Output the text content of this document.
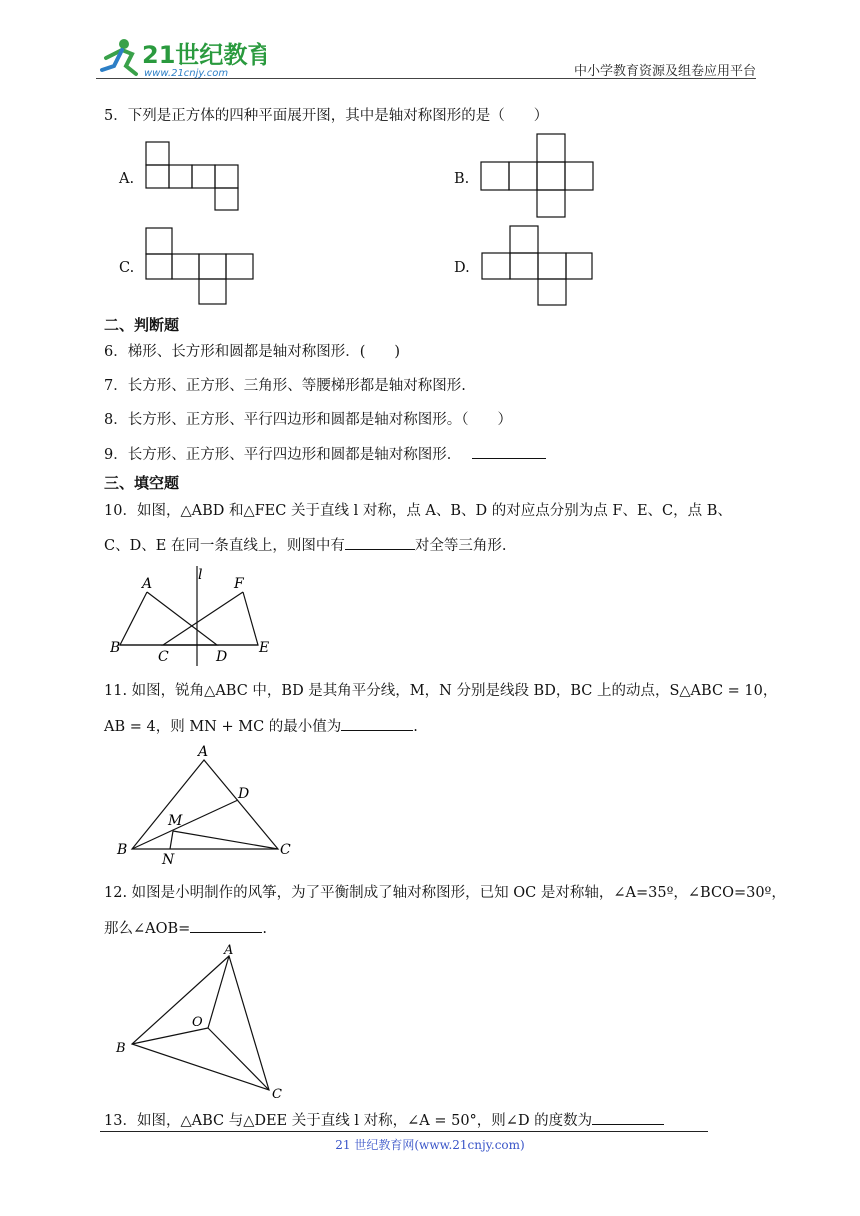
21世纪教育
www.21cnjy.com	中小学教育资源及组卷应用平台
5．下列是正方体的四种平面展开图，其中是轴对称图形的是（　　）
A.	B.
C.	D.
二、判断题
6．梯形、长方形和圆都是轴对称图形．(　　)
7．长方形、正方形、三角形、等腰梯形都是轴对称图形.
8．长方形、正方形、平行四边形和圆都是轴对称图形。（　　）
9．长方形、正方形、平行四边形和圆都是轴对称图形．
三、填空题
10．如图，△ABD 和△FEC 关于直线 l 对称，点 A、B、D 的对应点分别为点 F、E、C，点 B、
C、D、E 在同一条直线上，则图中有	对全等三角形.
A
l
F
B
C	D
E
11. 如图，锐角△ABC 中，BD 是其角平分线，M，N 分别是线段 BD，BC 上的动点，S△ABC = 10，
AB = 4，则 MN + MC 的最小值为	.
A
D
M
B
N
C
12. 如图是小明制作的风筝，为了平衡制成了轴对称图形，已知 OC 是对称轴，∠A=35º，∠BCO=30º，
那么∠AOB=	.
A
O
B
C
13．如图，△ABC 与△DEE 关于直线 l 对称，∠A = 50°，则∠D 的度数为
21 世纪教育网(www.21cnjy.com)
